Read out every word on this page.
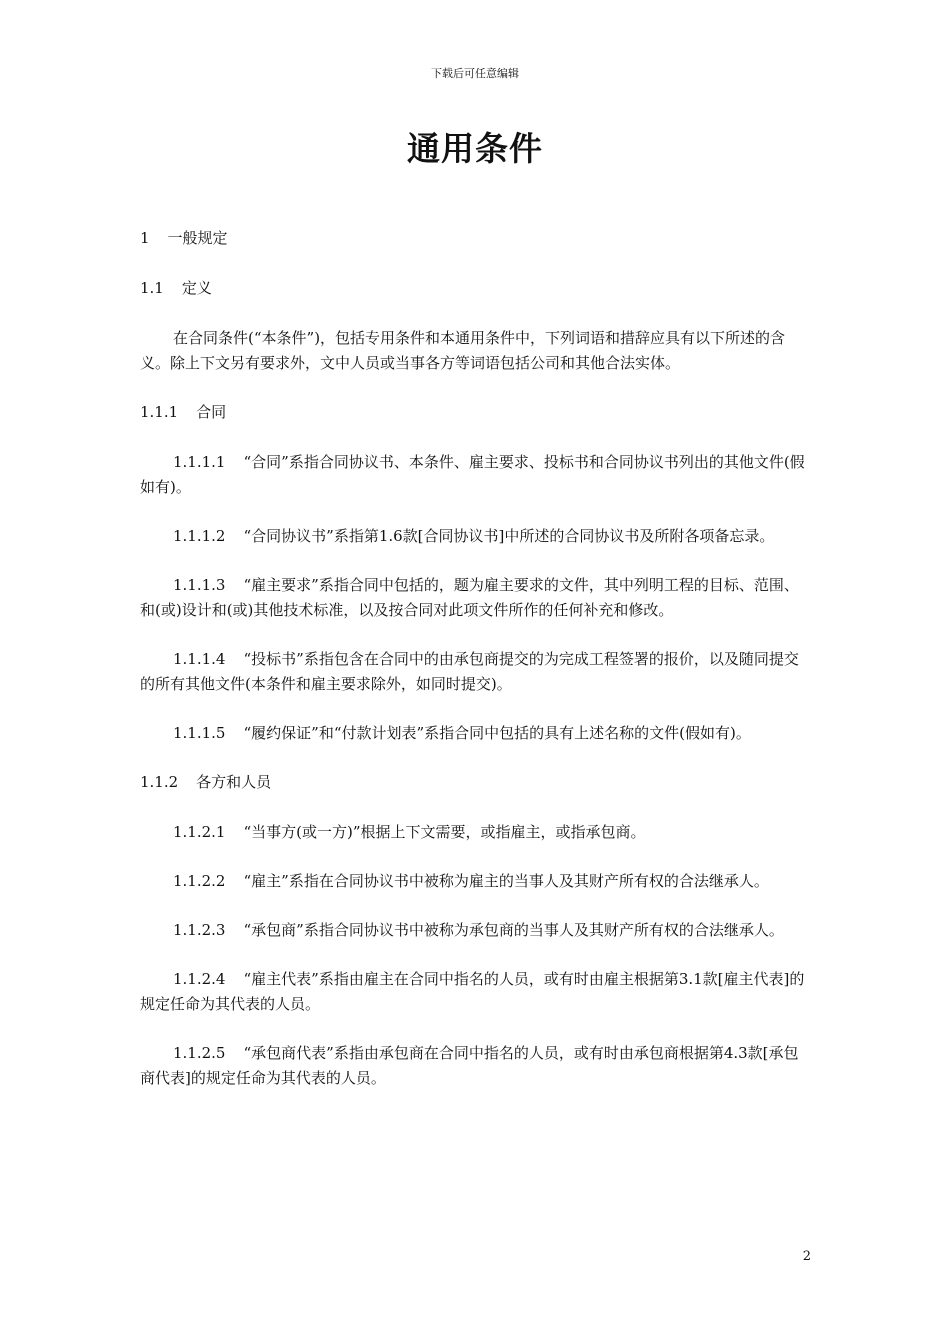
下载后可任意编辑
通用条件

1 一般规定

1.1 定义

在合同条件(“本条件”)，包括专用条件和本通用条件中，下列词语和措辞应具有以下所述的含义。除上下文另有要求外，文中人员或当事各方等词语包括公司和其他合法实体。

1.1.1 合同

1.1.1.1 “合同”系指合同协议书、本条件、雇主要求、投标书和合同协议书列出的其他文件(假如有)。

1.1.1.2 “合同协议书”系指第1.6款[合同协议书]中所述的合同协议书及所附各项备忘录。

1.1.1.3 “雇主要求”系指合同中包括的，题为雇主要求的文件，其中列明工程的目标、范围、和(或)设计和(或)其他技术标准，以及按合同对此项文件所作的任何补充和修改。

1.1.1.4 “投标书”系指包含在合同中的由承包商提交的为完成工程签署的报价，以及随同提交的所有其他文件(本条件和雇主要求除外，如同时提交)。

1.1.1.5 “履约保证”和“付款计划表”系指合同中包括的具有上述名称的文件(假如有)。

1.1.2 各方和人员

1.1.2.1 “当事方(或一方)”根据上下文需要，或指雇主，或指承包商。

1.1.2.2 “雇主”系指在合同协议书中被称为雇主的当事人及其财产所有权的合法继承人。

1.1.2.3 “承包商”系指合同协议书中被称为承包商的当事人及其财产所有权的合法继承人。

1.1.2.4 “雇主代表”系指由雇主在合同中指名的人员，或有时由雇主根据第3.1款[雇主代表]的规定任命为其代表的人员。

1.1.2.5 “承包商代表”系指由承包商在合同中指名的人员，或有时由承包商根据第4.3款[承包商代表]的规定任命为其代表的人员。

2
